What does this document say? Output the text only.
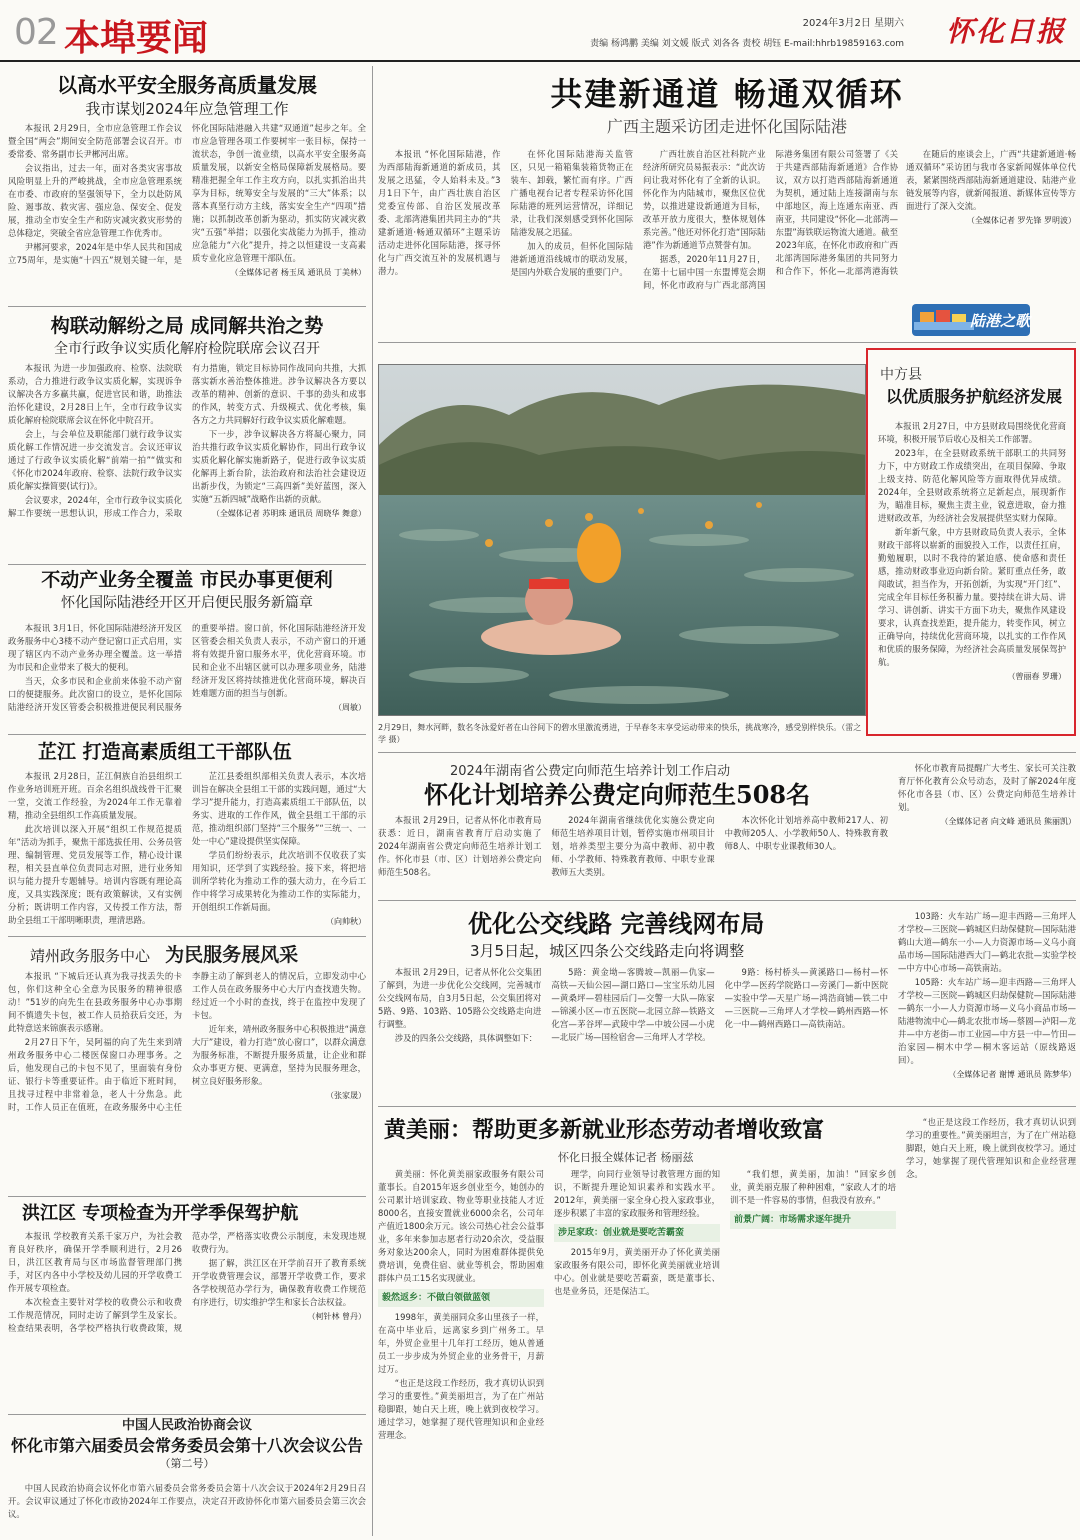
02 本埠要闻	2024年3月2日 星期六
责编 杨鸿鹏 美编 刘文媛 版式 刘各各 责校 胡钰 E-mail:hhrb19859163.com	怀化日报
以高水平安全服务高质量发展
我市谋划2024年应急管理工作

本报讯 2月29日，全市应急管理工作会议暨全国“两会”期间安全防范部署会议召开。市委常委、常务副市长尹郴河出席。

会议指出，过去一年，面对各类灾害事故风险明显上升的严峻挑战，全市应急管理系统在市委、市政府的坚强领导下，全力以赴防风险、遏事故、救灾害、强应急、保安全、促发展，推动全市安全生产和防灾减灾救灾形势的总体稳定，突破全省应急管理工作优秀市。

尹郴河要求，2024年是中华人民共和国成立75周年，是实施“十四五”规划关键一年，是怀化国际陆港融入共建“双通道”起步之年。全市应急管理各项工作要树牢一张目标，保持一流状态，争创一流业绩，以高水平安全服务高质量发展，以新安全格局保障新发展格局。要精准把握全年工作主攻方向，以扎实抓治出共享为目标，统筹安全与发展的“三大”体系；以落本真坚行动方主线，落实安全生产“四项”措施；以抓制改革创新为驱动，抓实防灾减灾救灾“五强”举措；以强化实战能力为抓手，推动应急能力“六化”提升，持之以恒建设一支高素质专业化应急管理干部队伍。

（全媒体记者 杨玉凤 通讯员 丁美林）
构联动解纷之局 成同解共治之势
全市行政争议实质化解府检院联席会议召开

本报讯 为进一步加强政府、检察、法院联系动，合力推进行政争议实质化解，实现诉争议解决各方多赢共赢，促进官民和谐，助推法治怀化建设，2月28日上午，全市行政争议实质化解府检院联席会议在怀化中院召开。

会上，与会单位及职能部门就行政争议实质化解工作情况进一步交流发言。会议还审议通过了行政争议实质化解“前端一拍”“做实和《怀化市2024年政府、检察、法院行政争议实质化解实操简要(试行)》。

会议要求，2024年，全市行政争议实质化解工作要统一思想认识，形成工作合力，采取有力措施，锁定目标协同作战同向共推，大抓落实新水善治整体推进。涉争议解决各方要以改革的精神、创新的意识、千事的劲头和成事的作风，转变方式、升级模式、优化考核，集各方之力共同解好行政争议实质化解难题。

下一步，涉争议解决各方将凝心聚力，同治共推行政争议实质化解协作，同出行政争议实质化解化解实施新路子，促进行政争议实质化解再上新台阶，法治政府和法治社会建设迈出新步伐，为锁定“三高四新”美好蓝图，深入实施“五新四城”战略作出新的贡献。

（全媒体记者 苏明珠 通讯员 周晓华 舞意）
不动产业务全覆盖 市民办事更便利
怀化国际陆港经开区开启便民服务新篇章

本报讯 3月1日，怀化国际陆港经济开发区政务服务中心3楼不动产登记窗口正式启用，实现了辖区内不动产业务办理全覆盖。这一举措为市民和企业带来了极大的便利。

当天，众多市民和企业前来体验不动产窗口的便捷服务。此次窗口的设立，是怀化国际陆港经济开发区管委会积极推进便民利民服务的重要举措。窗口前，怀化国际陆港经济开发区管委会相关负责人表示，不动产窗口的开通将有效提升窗口服务水平，优化营商环境。市民和企业不出辖区就可以办理多项业务，陆港经济开发区将持续推进优化营商环境，解决百姓难题方面的担当与创新。

（周敏）
芷江 打造高素质组工干部队伍

本报讯 2月28日，芷江侗族自治县组织工作业务培训班开班。百余名组织战线骨干汇聚一堂，交流工作经验，为2024年工作无靠着精，推动全县组织工作高质量发展。

此次培训以深入开展“组织工作规范提质年”活动为抓手，聚焦干部选拔任用、公务员管理、编制管理、党员发展等工作，精心设计课程，相关县直单位负责同志对照，进行业务知识与能力提升专题辅导。培训内容既有理论高度，又具实践深度；既有政策解读，又有实例分析；既讲明工作内容，又传授工作方法，帮助全县组工干部明晰职责，理清思路。

芷江县委组织部相关负责人表示，本次培训旨在解决全县组工干部的实践问题，通过“大学习”提升能力，打造高素质组工干部队伍，以务实、进取的工作作风，做全县组工干部的示范，推动组织部门坚持“三个服务”“三统一、一处一中心”建设提供坚实保障。

学员们纷纷表示，此次培训不仅收获了实用知识，还学到了实践经验。接下来，将把培训所学转化为推动工作的强大动力，在今后工作中将学习成果转化为推动工作的实际能力，开创组织工作新局面。

（向帅秋）
靖州政务服务中心 为民服务展风采

本报讯 “下城后还认真为我寻找丢失的卡包，你们这种全心全意为民服务的精神很感动！”51岁的向先生在县政务服务中心办事期间不慎遗失卡包，被工作人员拾获后交还，为此特意送来锦旗表示感谢。

2月27日下午，吴阿福的向了先生来到靖州政务服务中心二楼医保窗口办理事务。之后，他发现自己的卡包不见了，里面装有身份证、银行卡等重要证件。由于临近下班时间，且找寻过程中非常着急，老人十分焦急。此时，工作人员正在值班，在政务服务中心主任李静主动了解到老人的情况后，立即发动中心工作人员在政务服务中心大厅内查找遗失物。经过近一个小时的查找，终于在监控中发现了卡包。

近年来，靖州政务服务中心积极推进“满意大厅”建设，着力打造“放心窗口”，以群众满意为服务标准，不断提升服务质量，让企业和群众办事更方便、更满意，坚持为民服务理念，树立良好服务形象。

（张家晟）
洪江区 专项检查为开学季保驾护航

本报讯 学校教育关系千家万户，为社会教育良好秩序，确保开学季顺利进行，2月26日，洪江区教育局与区市场监督管理部门携手，对区内各中小学校及幼儿园的开学收费工作开展专项检查。

本次检查主要针对学校的收费公示和收费工作规范情况，同时走访了解到学生及家长。检查结果表明，各学校严格执行收费政策，规范办学，严格落实收费公示制度，未发现违规收费行为。

据了解，洪江区在开学前召开了教育系统开学收费管理会议，部署开学收费工作，要求各学校规范办学行为，确保教育收费工作规范有序进行，切实维护学生和家长合法权益。

（柯针林 曾丹）
中国人民政治协商会议
怀化市第六届委员会常务委员会第十八次会议公告
（第二号）

中国人民政治协商会议怀化市第六届委员会常务委员会第十八次会议于2024年2月29日召开。会议审议通过了怀化市政协2024年工作要点，决定召开政协怀化市第六届委员会第三次会议。

共建新通道 畅通双循环
广西主题采访团走进怀化国际陆港

本报讯 “怀化国际陆港，作为西部陆海新通道的新成员，其发展之迅猛，令人始料未及。”3月1日下午，由广西壮族自治区党委宣传部、自治区发展改革委、北部湾港集团共同主办的“共建新通道·畅通双循环”主题采访活动走进怀化国际陆港，探寻怀化与广西交流互补的发展机遇与潜力。

在怀化国际陆港海关监管区，只见一箱箱集装箱货物正在装车、卸载，繁忙而有序。广西广播电视台记者专程采访怀化国际陆港的班列运营情况，详细记录，让我们深刻感受到怀化国际陆港发展之迅猛。

加入的成员，但怀化国际陆港新通道沿线城市的联动发展，是国内外联合发展的重要门户。

广西壮族自治区社科院产业经济所研究员易振表示：“此次访问让我对怀化有了全新的认识。怀化作为内陆城市，聚焦区位优势，以推进建设新通道为目标，改革开放力度很大，整体规划体系完善。”他还对怀化打造“国际陆港”作为新通道节点赞誉有加。

据悉，2020年11月27日，在第十七届中国一东盟博览会期间，怀化市政府与广西北部湾国际港务集团有限公司签署了《关于共建西部陆海新通道》合作协议，双方以打造西部陆海新通道为契机，通过陆上连接湖南与东中部地区，海上连通东南亚、西南亚，共同建设“怀化—北部湾—东盟”海铁联运物流大通道。截至2023年底，在怀化市政府和广西北部湾国际港务集团的共同努力和合作下，怀化—北部湾港海铁

在随后的座谈会上，广西“共建新通道·畅通双循环”采访团与我市各家新闻媒体单位代表，紧紧围绕西部陆海新通道建设、陆港产业链发展等内容，就新闻报道、新媒体宣传等方面进行了深入交流。

（全媒体记者 罗先锋 罗明波）
陆港之歌
2月29日，舞水河畔，数名冬泳爱好者在山谷间下的碧水里激流勇进，于早春冬末享受运动带来的快乐，挑战寒冷，感受别样快乐。（雷之学 摄）
中方县
以优质服务护航经济发展

本报讯 2月27日，中方县财政局围绕优化营商环境，积极开展节后收心及相关工作部署。

2023年，在全县财政系统干部职工的共同努力下，中方财政工作成绩突出，在项目保障、争取上级支持、防范化解风险等方面取得优异成绩。2024年，全县财政系统将立足新起点，展现新作为，瞄准目标，聚焦主责主业，锐意进取，奋力推进财政改革，为经济社会发展提供坚实财力保障。

新年新气象，中方县财政局负责人表示，全体财政干部将以崭新的面貌投入工作，以责任扛肩，勤勉履职，以时不我待的紧迫感、使命感和责任感，推动财政事业迈向新台阶。紧盯重点任务，敢闯敢试，担当作为，开拓创新，为实现“开门红”、完成全年目标任务积蓄力量。要持续在讲大局、讲学习、讲创新、讲实干方面下功夫，聚焦作风建设要求，认真查找差距，提升能力，转变作风，树立正确导向，持续优化营商环境，以扎实的工作作风和优质的服务保障，为经济社会高质量发展保驾护航。

（曾丽春 罗珊）
2024年湖南省公费定向师范生培养计划工作启动
怀化计划培养公费定向师范生508名

本报讯 2月29日，记者从怀化市教育局获悉：近日，湖南省教育厅启动实施了2024年湖南省公费定向师范生培养计划工作。怀化市县（市、区）计划培养公费定向师范生508名。

2024年湖南省继续优化实施公费定向师范生培养项目计划，暂停实施市州项目计划，培养类型主要分为高中教师、初中教师、小学教师、特殊教育教师、中职专业课教师五大类别。

本次怀化计划培养高中教师217人、初中教师205人、小学教师50人、特殊教育教师8人、中职专业课教师30人。

怀化市教育局提醒广大考生、家长可关注教育厅怀化教育公众号动态，及时了解2024年度怀化市各县（市、区）公费定向师范生培养计划。

（全媒体记者 向文峰 通讯员 熊丽凯）
优化公交线路 完善线网布局
3月5日起，城区四条公交线路走向将调整

本报讯 2月29日，记者从怀化公交集团了解到，为进一步优化公交线网，完善城市公交线网布局，自3月5日起，公交集团将对5路、9路、103路、105路公交线路走向进行调整。

涉及的四条公交线路，具体调整如下：

5路：黄金坳—客腾坡—凯丽—仇家—高铁—天仙公园—湖口路口—宝宝乐幼儿园—黄桑坪—碧桂园后门—交警一大队—陈家—锦溪小区—市五医院—北园立辞—铁路文化宫—茅谷坪—武陵中学—中坡公园—小虎—北辰广场—国检宿舍—三角坪人才学校。

9路：杨村桥头—黄溪路口—杨村—怀化中学—医药学院路口—旁溪门—新中医院—实验中学—天星广场—鸿浩商铺—铁二中—三医院—三角坪人才学校—鹤州西路—怀化一中—鹤州西路口—高铁南站。

103路：火车站广场—迎丰西路—三角坪人才学校—三医院—鹤城区归劫保健院—国际陆港鹤山大道—鹤东一小—人力资源市场—义乌小商品市场—国际陆港西大门—鹤北农批—实验学校—中方中心市场—高铁南站。

105路：火车站广场—迎丰西路—三角坪人才学校—三医院—鹤城区归劫保健院—国际陆港—鹤东一小—人力资源市场—义乌小商品市场—陆港物流中心—鹤北农批市场—蔡圆—泸阳—龙井—中方老街—市工业园—中方县一中—竹田—治家园—桐木中学—桐木客运站（原线路返回）。

（全媒体记者 谢博 通讯员 陈梦华）
黄美丽：帮助更多新就业形态劳动者增收致富
怀化日报全媒体记者 杨丽兹

黄美丽：怀化黄美丽家政服务有限公司董事长。自2015年返乡创业至今，她创办的公司累计培训家政、物业等职业技能人才近8000名，直接安置就业6000余名，公司年产值近1800余万元。该公司热心社会公益事业，多年来参加志愿者行动20余次，受益服务对象达200余人，同时为困难群体提供免费培训，免费住宿、就业等机会，帮助困难群体户员工15名实现就业。

毅然返乡：不做白领做蓝领

1998年，黄美丽同众多山里孩子一样，在高中毕业后，远离家乡到广州务工。早年，外贸企业里十几年打工经历，她从普通员工一步步成为外贸企业的业务骨干，月薪过万。

“也正是这段工作经历，我才真切认识到学习的重要性。”黄美丽坦言，为了在广州站稳脚跟，她白天上班，晚上就到夜校学习。通过学习，她掌握了现代管理知识和企业经营理念。

理学，向同行业领导讨教管理方面的知识，不断提升理论知识素养和实践水平。2012年，黄美丽一家全身心投入家政事业，逐步积累了丰富的家政服务和管理经验。

涉足家政：创业就是要吃苦霸蛮

2015年9月，黄美丽开办了怀化黄美丽家政服务有限公司，即怀化黄美丽就业培训中心。创业就是要吃苦霸蛮，既是董事长、也是业务员，还是保洁工。

“我们想，黄美丽，加油！”回家乡创业，黄美丽克服了种种困难，“家政人才的培训不是一件容易的事情，但我没有放弃。”

前景广阔：市场需求逐年提升

“也正是这段工作经历，我才真切认识到学习的重要性。”黄美丽坦言，为了在广州站稳脚跟，她白天上班，晚上就到夜校学习。通过学习，她掌握了现代管理知识和企业经营理念。
